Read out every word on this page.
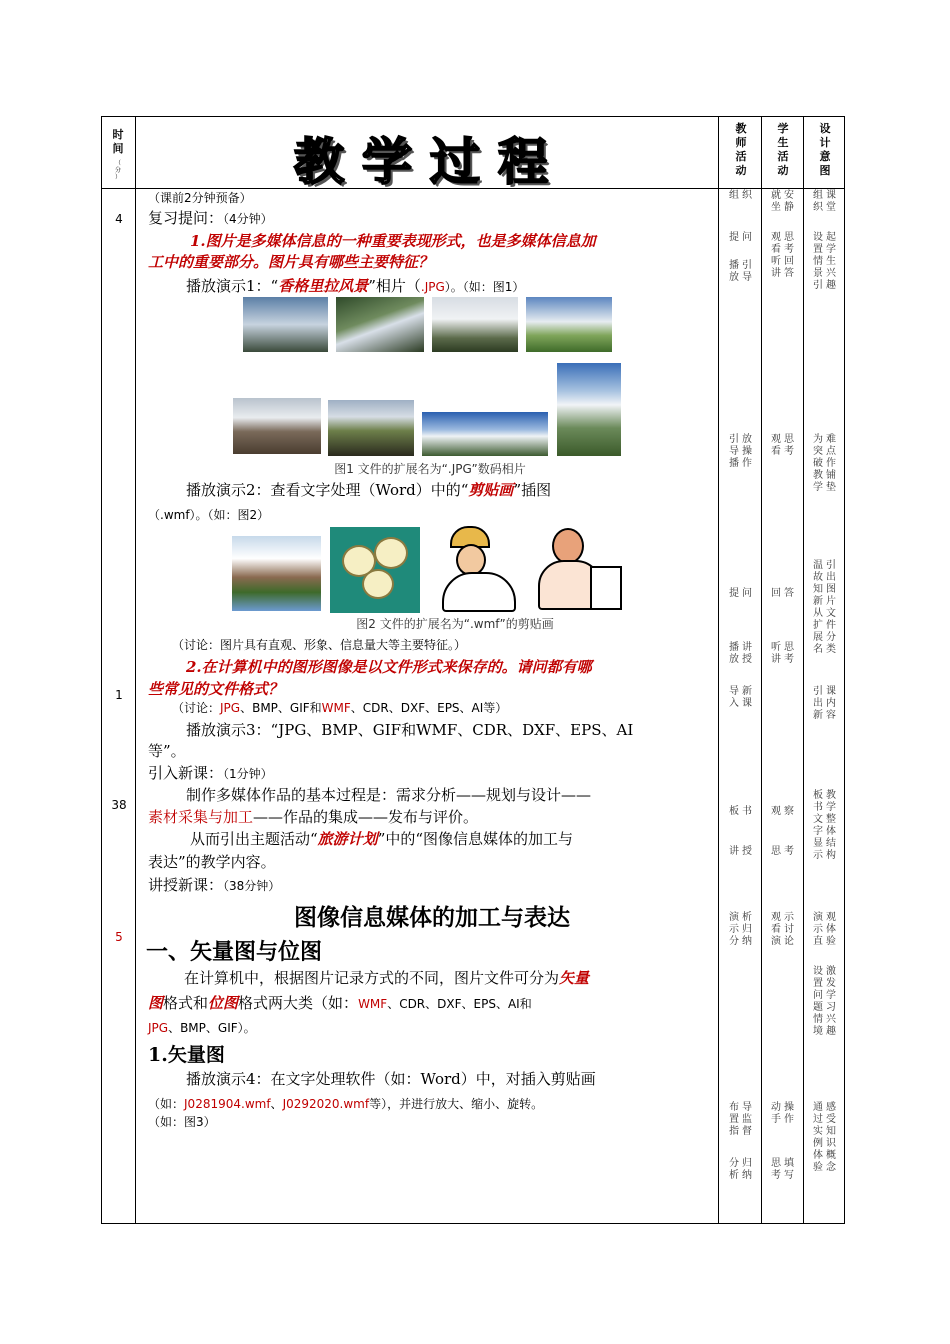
时
间
（
分
）	教学过程
教
师
活
动
学
生
活
动
设
计
意
图
4
1
38
5
（课前2分钟预备）
复习提问：（4分钟）
1.图片是多媒体信息的一种重要表现形式，也是多媒体信息加
工中的重要部分。图片具有哪些主要特征？
播放演示1：“香格里拉风景”相片（.JPG）。（如：图1）
图1 文件的扩展名为“.JPG”数码相片
播放演示2：查看文字处理（Word）中的“剪贴画”插图
（.wmf）。（如：图2）
图2 文件的扩展名为“.wmf”的剪贴画
（讨论：图片具有直观、形象、信息量大等主要特征。）
2.在计算机中的图形图像是以文件形式来保存的。请问都有哪
些常见的文件格式？
（讨论：JPG、BMP、GIF和WMF、CDR、DXF、EPS、AI等）
播放演示3：“JPG、BMP、GIF和WMF、CDR、DXF、EPS、AI
等”。
引入新课：（1分钟）
制作多媒体作品的基本过程是：需求分析——规划与设计——
素材采集与加工——作品的集成——发布与评价。
从而引出主题活动“旅游计划”中的“图像信息媒体的加工与
表达”的教学内容。
讲授新课：（38分钟）
图像信息媒体的加工与表达
一、矢量图与位图
在计算机中，根据图片记录方式的不同，图片文件可分为矢量
图格式和位图格式两大类（如：WMF、CDR、DXF、EPS、AI和
JPG、BMP、GIF）。
1.矢量图
播放演示4：在文字处理软件（如：Word）中，对插入剪贴画
（如：J0281904.wmf、J0292020.wmf等），并进行放大、缩小、旋转。
（如：图3）
组 织
提 问
播
放
引
导
引
导
播
放
操
作
提 问
播
放
讲
授
导
入
新
课
板 书
讲 授
演
示
分
析
归
纳
布
置
指
导
监
督
分
析
归
纳
就
坐
安
静
观
看
听
讲
思
考
回
答
观
看
思
考
回 答
听
讲
思
考
观 察
思 考
观
看
演
示
讨
论
动
手
操
作
思
考
填
写
组
织
课
堂
设
置
情
景
引
起
学
生
兴
趣
为
突
破
教
学
难
点
作
铺
垫
温
故
知
新
从
扩
展
名
引
出
图
片
文
件
分
类
引
出
新
课
内
容
板
书
文
字
显
示
教
学
整
体
结
构
演
示
直
观
体
验
设
置
问
题
情
境
激
发
学
习
兴
趣
通
过
实
例
体
验
感
受
知
识
概
念
